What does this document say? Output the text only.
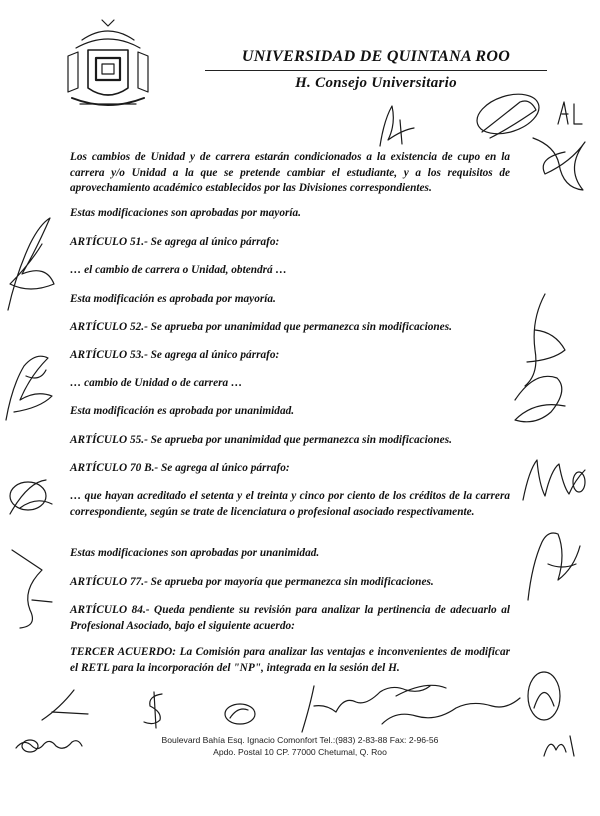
UNIVERSIDAD DE QUINTANA ROO
H. Consejo Universitario

Los cambios de Unidad y de carrera estarán condicionados a la existencia de cupo en la carrera y/o Unidad a la que se pretende cambiar el estudiante, y a los requisitos de aprovechamiento académico establecidos por las Divisiones correspondientes.

Estas modificaciones son aprobadas por mayoría.

ARTÍCULO 51.- Se agrega al único párrafo:

… el cambio de carrera o Unidad, obtendrá …

Esta modificación es aprobada por mayoría.

ARTÍCULO 52.- Se aprueba por unanimidad que permanezca sin modificaciones.

ARTÍCULO 53.- Se agrega al único párrafo:

… cambio de Unidad o de carrera …

Esta modificación es aprobada por unanimidad.

ARTÍCULO 55.- Se aprueba por unanimidad que permanezca sin modificaciones.

ARTÍCULO 70 B.- Se agrega al único párrafo:

… que hayan acreditado el setenta y el treinta y cinco por ciento de los créditos de la carrera correspondiente, según se trate de licenciatura o profesional asociado respectivamente.

Estas modificaciones son aprobadas por unanimidad.

ARTÍCULO 77.- Se aprueba por mayoría que permanezca sin modificaciones.

ARTÍCULO 84.- Queda pendiente su revisión para analizar la pertinencia de adecuarlo al Profesional Asociado, bajo el siguiente acuerdo:

TERCER ACUERDO: La Comisión para analizar las ventajas e inconvenientes de modificar el RETL para la incorporación del "NP", integrada en la sesión del H.

Boulevard Bahía Esq. Ignacio Comonfort Tel.:(983) 2-83-88 Fax: 2-96-56
Apdo. Postal 10 CP. 77000 Chetumal, Q. Roo
